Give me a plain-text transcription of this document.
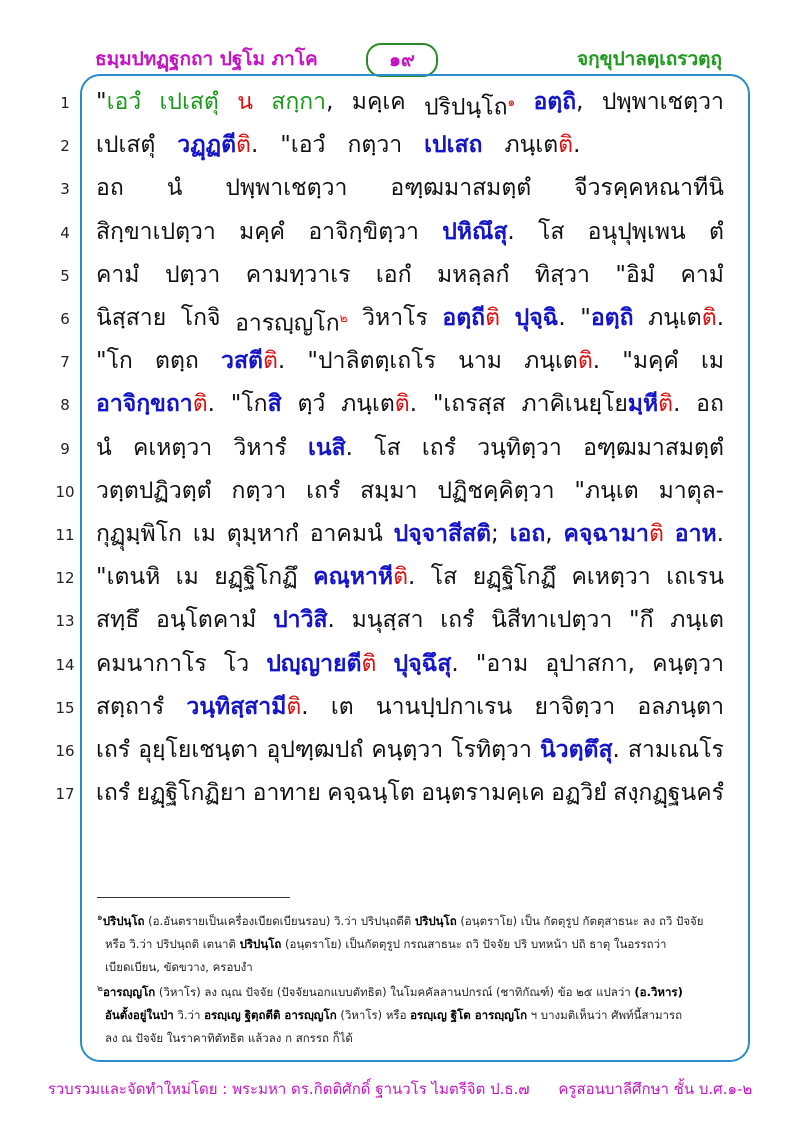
ธมฺมปทฏฺฐกถา ปฐโม ภาโค	๑๙	จกฺขุปาลตฺเถรวตฺถุ
1	"เอวํ เปเสตุํ น สกฺกา, มคฺเค ปริปนฺโถ$^๑$ อตฺถิ, ปพฺพาเชตฺวา
2	เปเสตุํ วฏฺฏตีติ. "เอวํ กตฺวา เปเสถ ภนฺเตติ.
3	อถ นํ ปพฺพาเชตฺวา อฑฺฒมาสมตฺตํ จีวรคฺคหณาทีนิ
4	สิกฺขาเปตฺวา มคฺคํ อาจิกฺขิตฺวา ปหิณึสุ. โส อนุปุพฺเพน ตํ
5	คามํ ปตฺวา คามทฺวาเร เอกํ มหลฺลกํ ทิสฺวา "อิมํ คามํ
6	นิสฺสาย โกจิ อารญฺญโก$^๒$ วิหาโร อตฺถีติ ปุจฺฉิ. "อตฺถิ ภนฺเตติ.
7	"โก ตตฺถ วสตีติ. "ปาลิตตฺเถโร นาม ภนฺเตติ. "มคฺคํ เม
8	อาจิกฺขถาติ. "โกสิ ตฺวํ ภนฺเตติ. "เถรสฺส ภาคิเนยฺโยมฺหีติ. อถ
9	นํ คเหตฺวา วิหารํ เนสิ. โส เถรํ วนฺทิตฺวา อฑฺฒมาสมตฺตํ
10 วตฺตปฏิวตฺตํ กตฺวา เถรํ สมฺมา ปฏิชคฺคิตฺวา "ภนฺเต มาตุล-
11 กุฏุมฺพิโก เม ตุมฺหากํ อาคมนํ ปจฺจาสีสติ; เอถ, คจฺฉามาติ อาห.
12 "เตนหิ เม ยฏฺฐิโกฏึ คณฺหาหีติ. โส ยฏฺฐิโกฏึ คเหตฺวา เถเรน
13 สทฺธึ อนฺโตคามํ ปาวิสิ. มนุสฺสา เถรํ นิสีทาเปตฺวา "กึ ภนฺเต
14 คมนากาโร โว ปญฺญายตีติ ปุจฺฉึสุ. "อาม อุปาสกา, คนฺตฺวา
15 สตฺถารํ วนฺทิสฺสามีติ. เต นานปฺปกาเรน ยาจิตฺวา อลภนฺตา
16 เถรํ อุยฺโยเชนฺตา อุปฑฺฒปถํ คนฺตฺวา โรทิตฺวา นิวตฺตึสุ. สามเณโร
17 เถรํ ยฏฺฐิโกฏิยา อาทาย คจฺฉนฺโต อนฺตรามคฺเค อฏวิยํ สงฺกฏฺฐนครํ

$^๑$ปริปนฺโถ (อ.อันตรายเป็นเครื่องเบียดเบียนรอบ) วิ.ว่า ปริปนฺถตีติ ปริปนฺโถ (อนฺตราโย) เป็น กัตตุรูป กัตตุสาธนะ ลง ถวิ ปัจจัย

หรือ วิ.ว่า ปริปนฺถติ เตนาติ ปริปนฺโถ (อนฺตราโย) เป็นกัตตุรูป กรณสาธนะ ถวิ ปัจจัย ปริ บทหน้า ปถิ ธาตุ ในอรรถว่า

เบียดเบียน, ขัดขวาง, ครอบงำ

$^๒$อารญฺญโก (วิหาโร) ลง ณฺณ ปัจจัย (ปัจจัยนอกแบบตัทธิต) ในโมคคัลลานปกรณ์ (ชาทิกัณฑ์) ข้อ ๒๕ แปลว่า (อ.วิหาร)

อันตั้งอยู่ในป่า วิ.ว่า อรญฺเญ ฐิตฺถตีติ อารญฺญโก (วิหาโร) หรือ อรญฺเญ ฐิโต อารญฺญโก ฯ บางมติเห็นว่า ศัพท์นี้สามารถ

ลง ณ ปัจจัย ในราคาทิตัทธิต แล้วลง ก สกรรถ ก็ได้

รวบรวมและจัดทำใหม่โดย : พระมหา ดร.กิตติศักดิ์ ฐานวโร ไมตรีจิต ป.ธ.๗ ครูสอนบาลีศึกษา ชั้น บ.ศ.๑-๒
